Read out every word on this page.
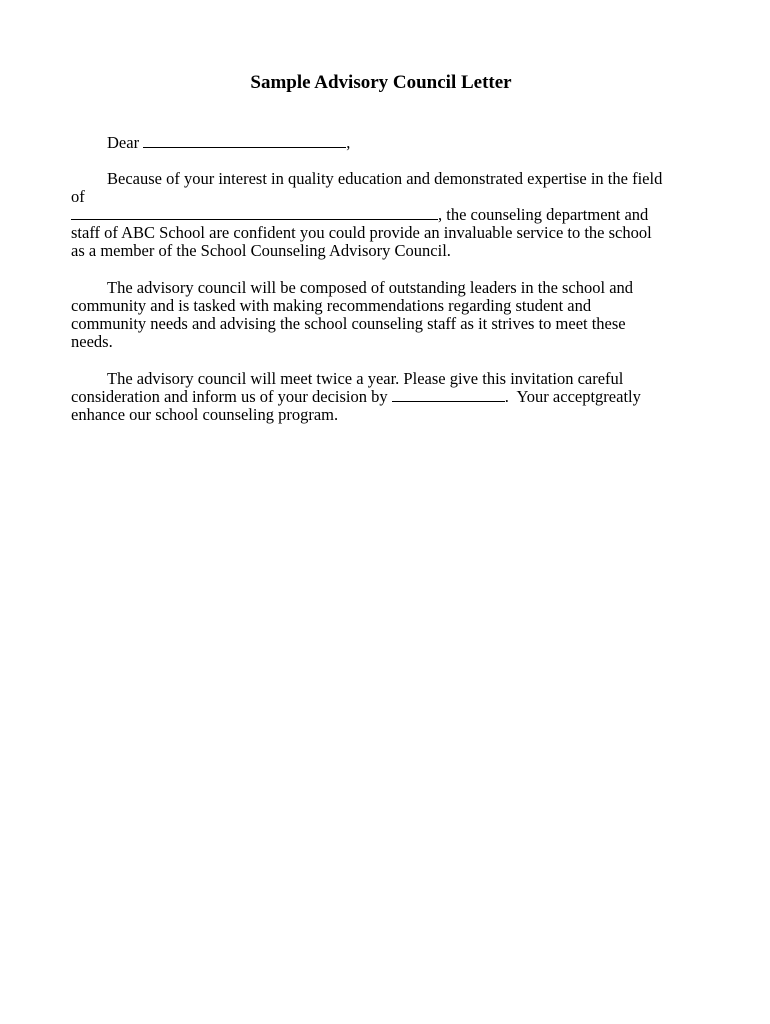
Sample Advisory Council Letter
Dear	,
Because of your interest in quality education and demonstrated expertise in the field
of
, the counseling department and
staff of ABC School are confident you could provide an invaluable service to the school
as a member of the School Counseling Advisory Council.
The advisory council will be composed of outstanding leaders in the school and
community and is tasked with making recommendations regarding student and
community needs and advising the school counseling staff as it strives to meet these
needs.
The advisory council will meet twice a year. Please give this invitation careful
consideration and inform us of your decision by	.  Your acceptgreatly
enhance our school counseling program.
